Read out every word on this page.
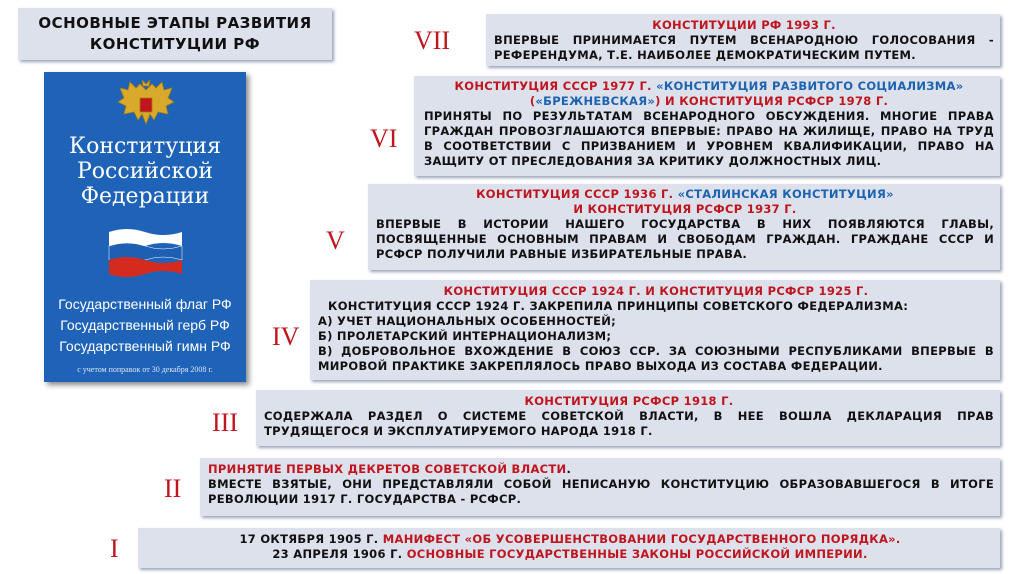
ОСНОВНЫЕ ЭТАПЫ РАЗВИТИЯ
КОНСТИТУЦИИ РФ
Конституция
Российской
Федерации
Государственный флаг РФ
Государственный герб РФ
Государственный гимн РФ
с учетом поправок от 30 декабря 2008 г.
VII
КОНСТИТУЦИИ РФ 1993 Г.
ВПЕРВЫЕ ПРИНИМАЕТСЯ ПУТЕМ ВСЕНАРОДНОЮ ГОЛОСОВАНИЯ - РЕФЕРЕНДУМА, Т.Е. НАИБОЛЕЕ ДЕМОКРАТИЧЕСКИМ ПУТЕМ.
VI
КОНСТИТУЦИЯ СССР 1977 Г. «КОНСТИТУЦИЯ РАЗВИТОГО СОЦИАЛИЗМА»
(«БРЕЖНЕВСКАЯ») И КОНСТИТУЦИЯ РСФСР 1978 Г.
ПРИНЯТЫ ПО РЕЗУЛЬТАТАМ ВСЕНАРОДНОГО ОБСУЖДЕНИЯ. МНОГИЕ ПРАВА ГРАЖДАН ПРОВОЗГЛАШАЮТСЯ ВПЕРВЫЕ: ПРАВО НА ЖИЛИЩЕ, ПРАВО НА ТРУД В СООТВЕТСТВИИ С ПРИЗВАНИЕМ И УРОВНЕМ КВАЛИФИКАЦИИ, ПРАВО НА ЗАЩИТУ ОТ ПРЕСЛЕДОВАНИЯ ЗА КРИТИКУ ДОЛЖНОСТНЫХ ЛИЦ.
V
КОНСТИТУЦИЯ СССР 1936 Г. «СТАЛИНСКАЯ КОНСТИТУЦИЯ»
И КОНСТИТУЦИЯ РСФСР 1937 Г.
ВПЕРВЫЕ В ИСТОРИИ НАШЕГО ГОСУДАРСТВА В НИХ ПОЯВЛЯЮТСЯ ГЛАВЫ, ПОСВЯЩЕННЫЕ ОСНОВНЫМ ПРАВАМ И СВОБОДАМ ГРАЖДАН. ГРАЖДАНЕ СССР И РСФСР ПОЛУЧИЛИ РАВНЫЕ ИЗБИРАТЕЛЬНЫЕ ПРАВА.
IV
КОНСТИТУЦИЯ СССР 1924 Г. И КОНСТИТУЦИЯ РСФСР 1925 Г.
КОНСТИТУЦИЯ СССР 1924 Г. ЗАКРЕПИЛА ПРИНЦИПЫ СОВЕТСКОГО ФЕДЕРАЛИЗМА:
А) УЧЕТ НАЦИОНАЛЬНЫХ ОСОБЕННОСТЕЙ;
Б) ПРОЛЕТАРСКИЙ ИНТЕРНАЦИОНАЛИЗМ;
В) ДОБРОВОЛЬНОЕ ВХОЖДЕНИЕ В СОЮЗ ССР. ЗА СОЮЗНЫМИ РЕСПУБЛИКАМИ ВПЕРВЫЕ В МИРОВОЙ ПРАКТИКЕ ЗАКРЕПЛЯЛОСЬ ПРАВО ВЫХОДА ИЗ СОСТАВА ФЕДЕРАЦИИ.
III
КОНСТИТУЦИЯ РСФСР 1918 Г.
СОДЕРЖАЛА РАЗДЕЛ О СИСТЕМЕ СОВЕТСКОЙ ВЛАСТИ, В НЕЕ ВОШЛА ДЕКЛАРАЦИЯ ПРАВ ТРУДЯЩЕГОСЯ И ЭКСПЛУАТИРУЕМОГО НАРОДА 1918 Г.
II
ПРИНЯТИЕ ПЕРВЫХ ДЕКРЕТОВ СОВЕТСКОЙ ВЛАСТИ.
ВМЕСТЕ ВЗЯТЫЕ, ОНИ ПРЕДСТАВЛЯЛИ СОБОЙ НЕПИСАНУЮ КОНСТИТУЦИЮ ОБРАЗОВАВШЕГОСЯ В ИТОГЕ РЕВОЛЮЦИИ 1917 Г. ГОСУДАРСТВА - РСФСР.
I	17 ОКТЯБРЯ 1905 Г. МАНИФЕСТ «ОБ УСОВЕРШЕНСТВОВАНИИ ГОСУДАРСТВЕННОГО ПОРЯДКА».
23 АПРЕЛЯ 1906 Г. ОСНОВНЫЕ ГОСУДАРСТВЕННЫЕ ЗАКОНЫ РОССИЙСКОЙ ИМПЕРИИ.
